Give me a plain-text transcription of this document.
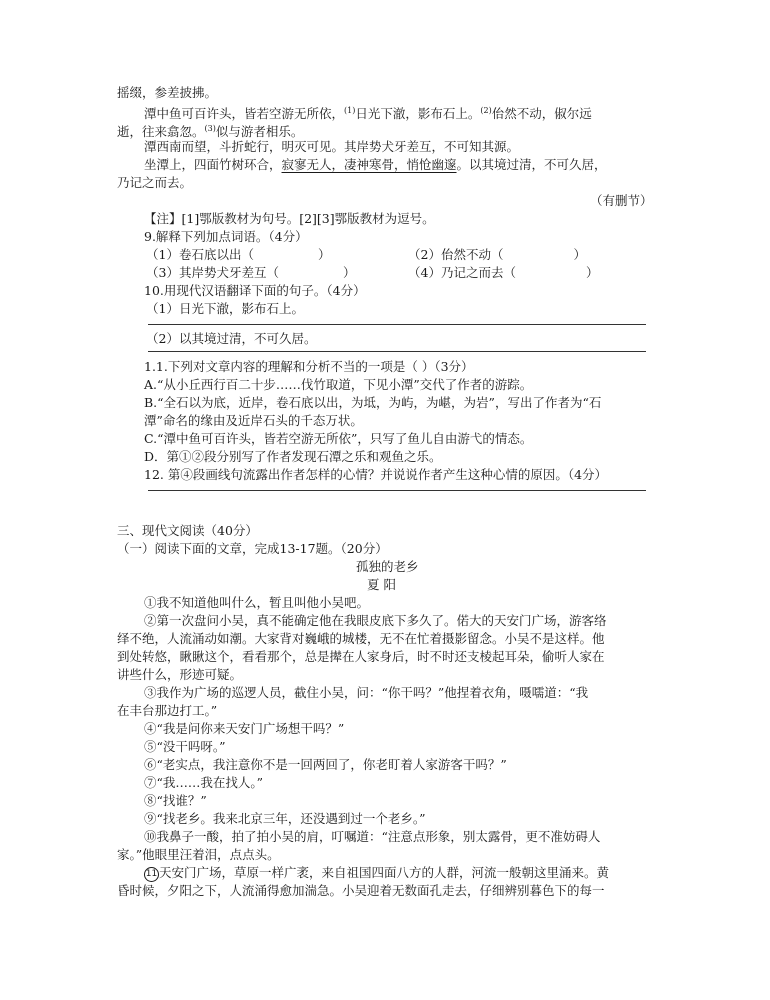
摇缀，参差披拂。
潭中鱼可百许头，皆若空游无所依，$^{(1)}$日光下澈，影布石上。$^{(2)}$佁然不动，俶尔远
逝，往来翕忽。$^{(3)}$似与游者相乐。
潭西南而望，斗折蛇行，明灭可见。其岸势犬牙差互，不可知其源。
坐潭上，四面竹树环合，寂寥无人，凄神寒骨，悄怆幽邃。以其境过清，不可久居，
乃记之而去。
（有删节）
【注】[1]鄂版教材为句号。[2][3]鄂版教材为逗号。
9.解释下列加点词语。（4分）
（1）卷石底以出（	）	（2）佁然不动（	）
（3）其岸势犬牙差互（	）	（4）乃记之而去（	）
10.用现代汉语翻译下面的句子。（4分）
（1）日光下澈，影布石上。
（2）以其境过清，不可久居。
1.1.下列对文章内容的理解和分析不当的一项是（ ）（3分）
A.“从小丘西行百二十步……伐竹取道，下见小潭”交代了作者的游踪。
B.“全石以为底，近岸，卷石底以出，为坻，为屿，为嵁，为岩”，写出了作者为“石
潭”命名的缘由及近岸石头的千态万状。
C.“潭中鱼可百许头，皆若空游无所依”，只写了鱼儿自由游弋的情态。
D．第①②段分别写了作者发现石潭之乐和观鱼之乐。
12. 第④段画线句流露出作者怎样的心情？并说说作者产生这种心情的原因。（4分）
三、现代文阅读（40分）
（一）阅读下面的文章，完成13-17题。（20分）
孤独的老乡
夏 阳
①我不知道他叫什么，暂且叫他小吴吧。
②第一次盘问小吴，真不能确定他在我眼皮底下多久了。偌大的天安门广场，游客络
绎不绝，人流涌动如潮。大家背对巍峨的城楼，无不在忙着摄影留念。小吴不是这样。他
到处转悠，瞅瞅这个，看看那个，总是撵在人家身后，时不时还支棱起耳朵，偷听人家在
讲些什么，形迹可疑。
③我作为广场的巡逻人员，截住小吴，问：“你干吗？”他捏着衣角，嗫嚅道：“我
在丰台那边打工。”
④“我是问你来天安门广场想干吗？”
⑤“没干吗呀。”
⑥“老实点，我注意你不是一回两回了，你老盯着人家游客干吗？”
⑦“我……我在找人。”
⑧“找谁？”
⑨“找老乡。我来北京三年，还没遇到过一个老乡。”
⑩我鼻子一酸，拍了拍小吴的肩，叮嘱道：“注意点形象，别太露骨，更不准妨碍人
家。”他眼里汪着泪，点点头。
11 天安门广场，草原一样广袤，来自祖国四面八方的人群，河流一般朝这里涌来。黄
昏时候，夕阳之下，人流涌得愈加湍急。小吴迎着无数面孔走去，仔细辨别暮色下的每一
